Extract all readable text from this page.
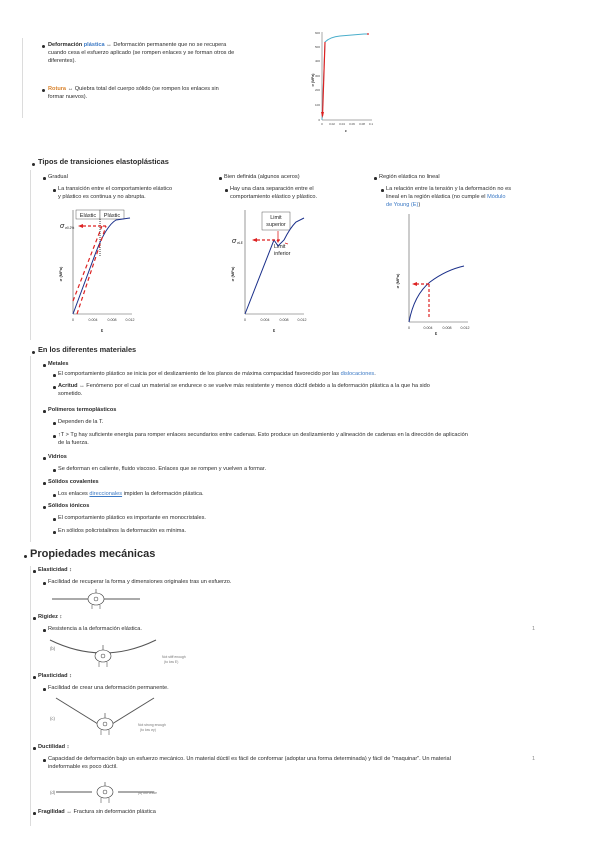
Deformación plástica ↔ Deformación permanente que no se recupera
cuando cesa el esfuerzo aplicado (se rompen enlaces y se forman otros de
diferentes).
Rotura ↔ Quiebra total del cuerpo sólido (se rompen los enlaces sin
formar nuevos).
600
500
400
300
200
100
0
0 0.02 0.04 0.06 0.08 0.1
σ (MPa)
ε
Tipos de transiciones elastoplásticas
Gradual
La transición entre el comportamiento elástico
y plástico es continua y no abrupta.
Elástic Plástic
σ σ0.2%
σ (MPa)
0	0.004	0.008	0.012
ε
Bien definida (algunos aceros)
Hay una clara separación entre el
comportamiento elástico y plástico.
Limit
superior
Limit
inferior
σ σLE
σ (MPa)
0	0.004	0.008	0.012
ε
Región elástica no lineal
La relación entre la tensión y la deformación no es
lineal en la región elástica (no cumple el Módulo
de Young (E))
σ (MPa)
0	0.004	0.008	0.012
ε
En los diferentes materiales
Metales
El comportamiento plástico se inicia por el deslizamiento de los planos de máxima compacidad favorecido por las dislocaciones.
Acritud ↔ Fenómeno por el cual un material se endurece o se vuelve más resistente y menos dúctil debido a la deformación plástica a la que ha sido
sometido.
Polímeros termoplásticos
Dependen de la T.
↑T > Tg hay suficiente energía para romper enlaces secundarios entre cadenas. Esto produce un deslizamiento y alineación de cadenas en la dirección de aplicación
de la fuerza.
Vidrios
Se deforman en caliente, fluido viscoso. Enlaces que se rompen y vuelven a formar.
Sólidos covalentes
Los enlaces direccionales impiden la deformación plástica.
Sólidos iónicos
El comportamiento plástico es importante en monocristales.
En sólidos policristalinos la deformación es mínima.
Propiedades mecánicas
Elasticidad ↕
Facilidad de recuperar la forma y dimensiones originales tras un esfuerzo.
Rigidez ↕
Resistencia a la deformación elástica.	1
(b)
Not stiff enough
(to low E)
Plasticidad ↕
Facilidad de crear una deformación permanente.
(c)
Not strong enough
(to low σy)
Ductilidad ↕
Capacidad de deformación bajo un esfuerzo mecánico. Un material dúctil es fácil de conformar (adoptar una forma determinada) y fácil de "maquinar". Un material
indeformable es poco dúctil.
1
(d)	(d) too brittle
Fragilidad ↔ Fractura sin deformación plástica
